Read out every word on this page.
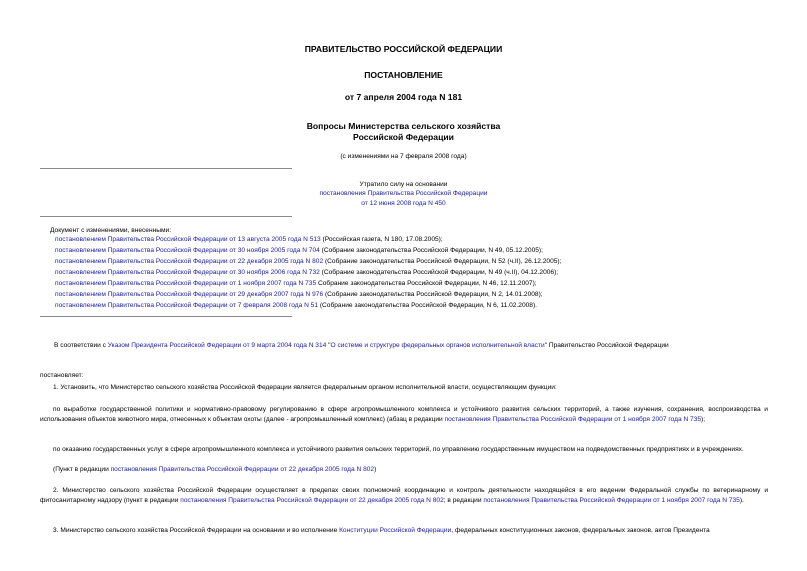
ПРАВИТЕЛЬСТВО РОССИЙСКОЙ ФЕДЕРАЦИИ
ПОСТАНОВЛЕНИЕ
от 7 апреля 2004 года N 181
Вопросы Министерства сельского хозяйства
Российской Федерации
(с изменениями на 7 февраля 2008 года)
Утратило силу на основании
постановления Правительства Российской Федерации
от 12 июня 2008 года N 450
Документ с изменениями, внесенными:
постановлением Правительства Российской Федерации от 13 августа 2005 года N 513 (Российская газета, N 180, 17.08.2005);
постановлением Правительства Российской Федерации от 30 ноября 2005 года N 704 (Собрание законодательства Российской Федерации, N 49, 05.12.2005);
постановлением Правительства Российской Федерации от 22 декабря 2005 года N 802 (Собрание законодательства Российской Федерации, N 52 (ч.II), 26.12.2005);
постановлением Правительства Российской Федерации от 30 ноября 2006 года N 732 (Собрание законодательства Российской Федерации, N 49 (ч.II), 04.12.2006);
постановлением Правительства Российской Федерации от 1 ноября 2007 года N 735 Собрание законодательства Российской Федерации, N 46, 12.11.2007);
постановлением Правительства Российской Федерации от 29 декабря 2007 года N 976 (Собрание законодательства Российской Федерации, N 2, 14.01.2008);
постановлением Правительства Российской Федерации от 7 февраля 2008 года N 51 (Собрание законодательства Российской Федерации, N 6, 11.02.2008).
В соответствии с Указом Президента Российской Федерации от 9 марта 2004 года N 314 "О системе и структуре федеральных органов исполнительной власти" Правительство Российской Федерации
постановляет:
1. Установить, что Министерство сельского хозяйства Российской Федерации является федеральным органом исполнительной власти, осуществляющим функции:
по выработке государственной политики и нормативно-правовому регулированию в сфере агропромышленного комплекса и устойчивого развития сельских территорий, а также изучения, сохранения, воспроизводства и использования объектов животного мира, отнесенных к объектам охоты (далее - агропромышленный комплекс) (абзац в редакции постановления Правительства Российской Федерации от 1 ноября 2007 года N 735);
по оказанию государственных услуг в сфере агропромышленного комплекса и устойчивого развития сельских территорий, по управлению государственным имуществом на подведомственных предприятиях и в учреждениях.
(Пункт в редакции постановления Правительства Российской Федерации от 22 декабря 2005 года N 802)
2. Министерство сельского хозяйства Российской Федерации осуществляет в пределах своих полномочий координацию и контроль деятельности находящейся в его ведении Федеральной службы по ветеринарному и фитосанитарному надзору (пункт в редакции постановления Правительства Российской Федерации от 22 декабря 2005 года N 802; в редакции постановления Правительства Российской Федерации от 1 ноября 2007 года N 735).
3. Министерство сельского хозяйства Российской Федерации на основании и во исполнение Конституции Российской Федерации, федеральных конституционных законов, федеральных законов, актов Президента
